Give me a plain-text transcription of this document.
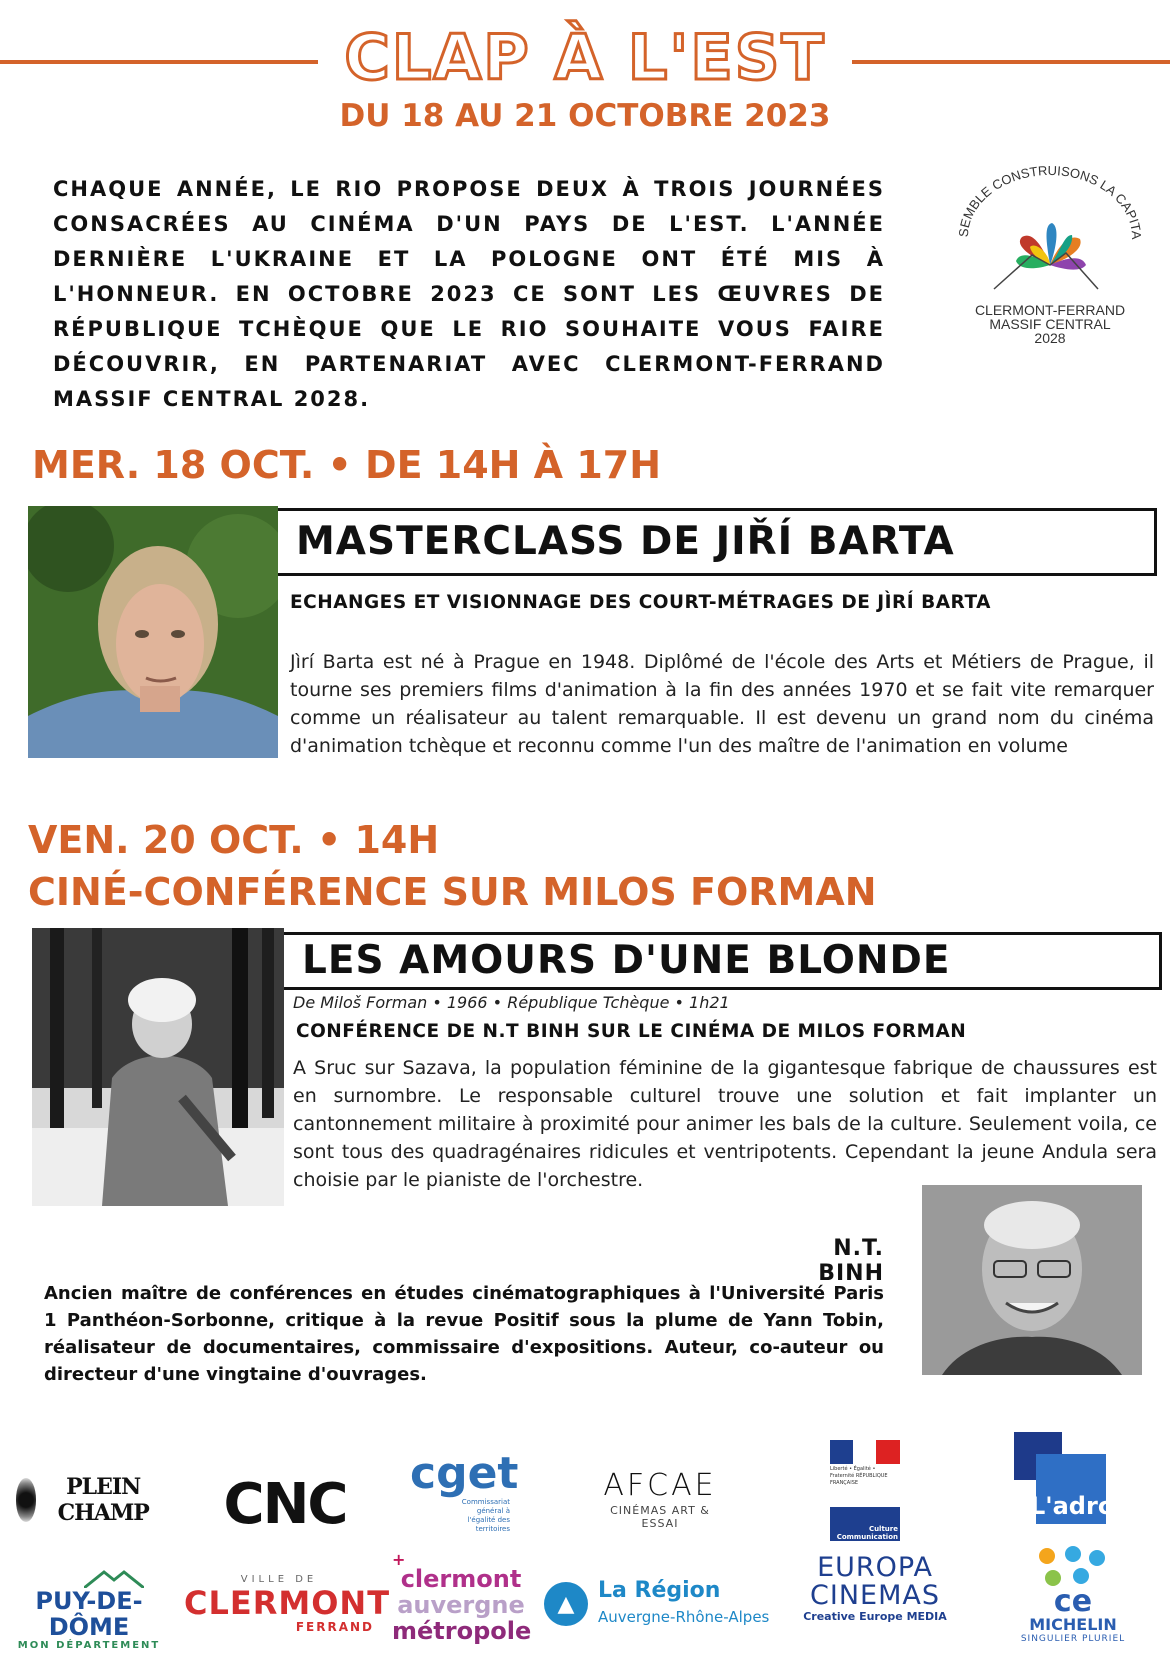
CLAP À L'EST
DU 18 AU 21 OCTOBRE 2023
CHAQUE ANNÉE, LE RIO PROPOSE DEUX À TROIS JOURNÉES CONSACRÉES AU CINÉMA D'UN PAYS DE L'EST. L'ANNÉE DERNIÈRE L'UKRAINE ET LA POLOGNE ONT ÉTÉ MIS À L'HONNEUR. EN OCTOBRE 2023 CE SONT LES ŒUVRES DE RÉPUBLIQUE TCHÈQUE QUE LE RIO SOUHAITE VOUS FAIRE DÉCOUVRIR, EN PARTENARIAT AVEC CLERMONT-FERRAND MASSIF CENTRAL 2028.
SEMBLE CONSTRUISONS LA CAPITA
CLERMONT-FERRAND
MASSIF CENTRAL
2028
MER. 18 OCT. • DE 14H À 17H
MASTERCLASS DE JIŘÍ BARTA
ECHANGES ET VISIONNAGE DES COURT-MÉTRAGES DE JÌRÍ BARTA
Jìrí Barta est né à Prague en 1948. Diplômé de l'école des Arts et Métiers de Prague, il tourne ses premiers films d'animation à la fin des années 1970 et se fait vite remarquer comme un réalisateur au talent remarquable. Il est devenu un grand nom du cinéma d'animation tchèque et reconnu comme l'un des maître de l'animation en volume
VEN. 20 OCT. • 14H
CINÉ-CONFÉRENCE SUR MILOS FORMAN
LES AMOURS D'UNE BLONDE
De Miloš Forman • 1966 • République Tchèque • 1h21
CONFÉRENCE DE N.T BINH SUR LE CINÉMA DE MILOS FORMAN
A Sruc sur Sazava, la population féminine de la gigantesque fabrique de chaussures est en surnombre. Le responsable culturel trouve une solution et fait implanter un cantonnement militaire à proximité pour animer les bals de la culture. Seulement voila, ce sont tous des quadragénaires ridicules et ventripotents. Cependant la jeune Andula sera choisie par le pianiste de l'orchestre.
N.T. BINH
Ancien maître de conférences en études cinématographiques à l'Université Paris 1 Panthéon-Sorbonne, critique à la revue Positif sous la plume de Yann Tobin, réalisateur de documentaires, commissaire d'expositions. Auteur, co-auteur ou directeur d'une vingtaine d'ouvrages.
PLEIN CHAMP	CNC cget
Commissariat général à l'égalité des territoires
AFCAE
CINÉMAS ART & ESSAI
Liberté • Égalité • Fraternité RÉPUBLIQUE FRANÇAISE
Culture Communication
L'adrc
PUY-DE-DÔME
MON DÉPARTEMENT
VILLE DE
CLERMONT
FERRAND
+
clermont
auvergne
métropole
▲
La Région
Auvergne-Rhône-Alpes
EUROPA
CINEMAS
Creative Europe MEDIA	ce
MICHELIN
SINGULIER PLURIEL
